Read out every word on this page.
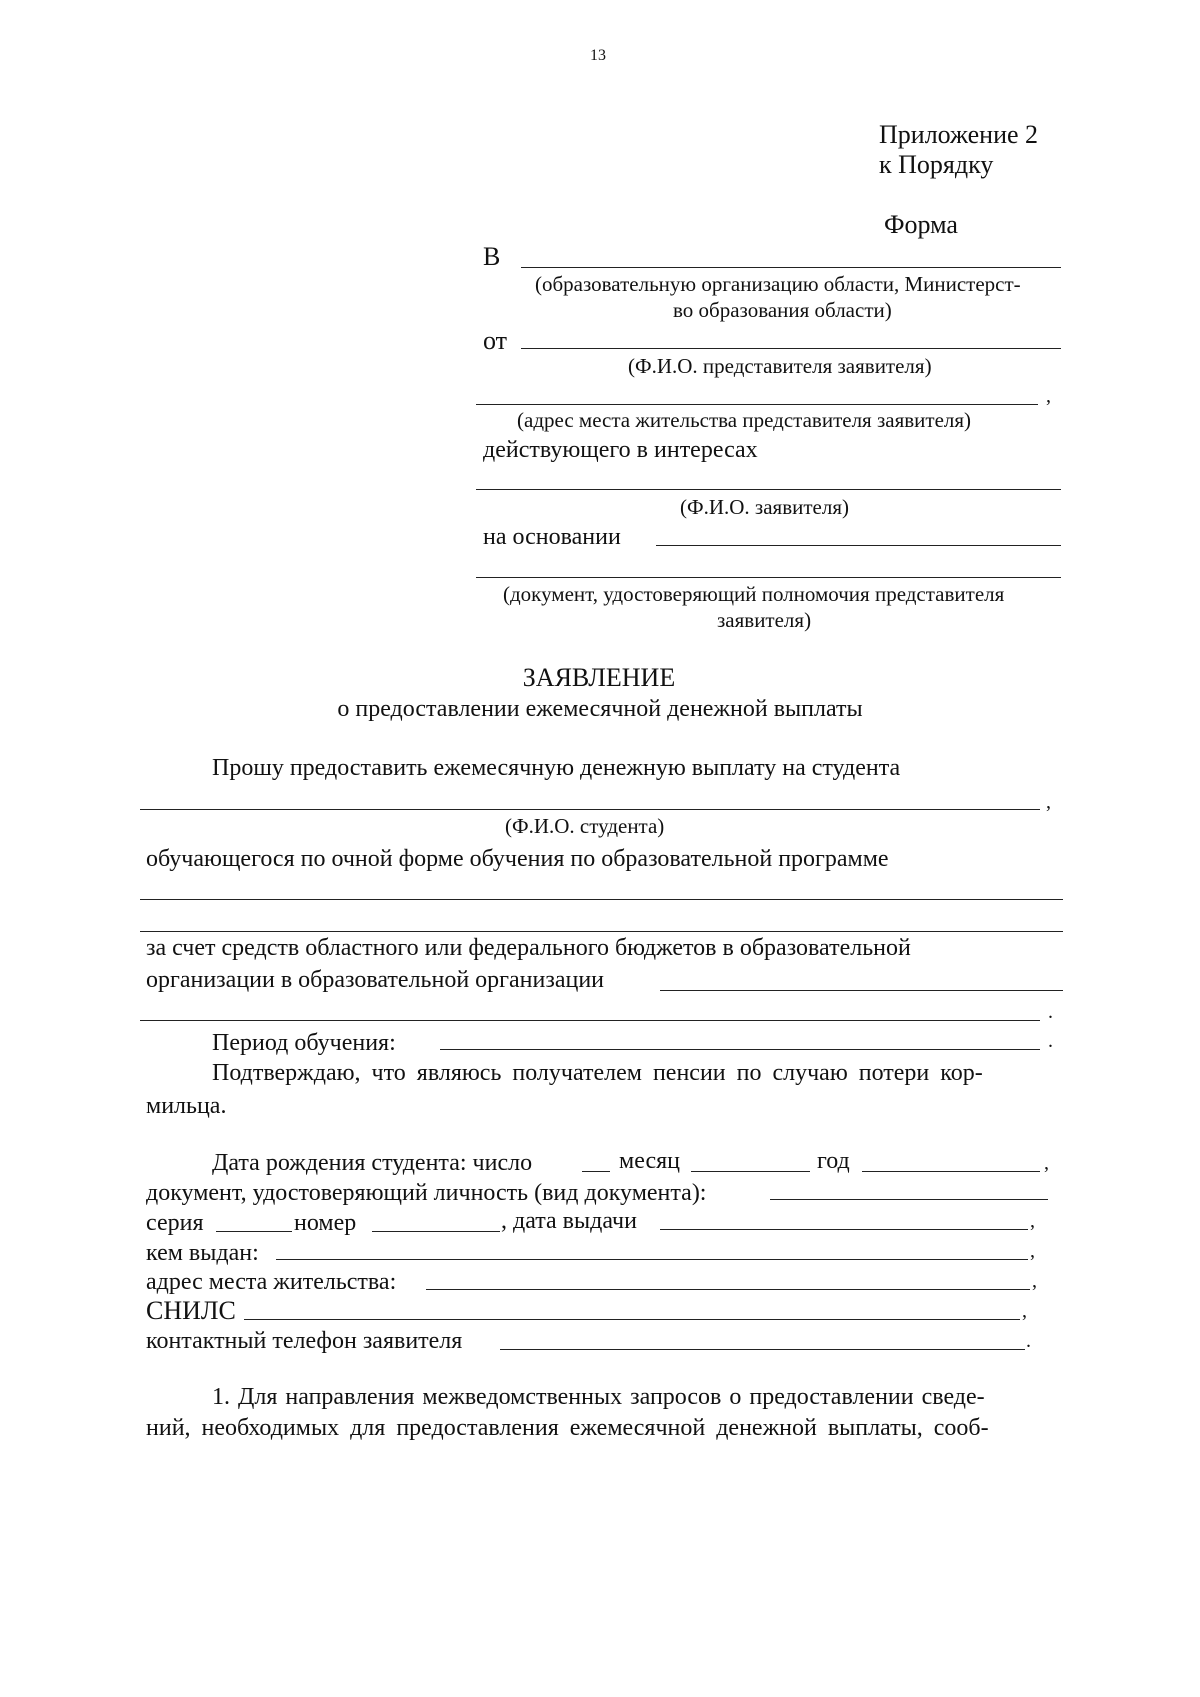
13
Приложение 2
к Порядку
Форма
В
(образовательную организацию области, Министерст-
во образования области)
от
(Ф.И.О. представителя заявителя)
,
(адрес места жительства представителя заявителя)
действующего в интересах
(Ф.И.О. заявителя)
на основании
(документ, удостоверяющий полномочия представителя
заявителя)
ЗАЯВЛЕНИЕ
о предоставлении ежемесячной денежной выплаты
Прошу предоставить ежемесячную денежную выплату на студента
,
(Ф.И.О. студента)
обучающегося по очной форме обучения по образовательной программе
за счет средств областного или федерального бюджетов в образовательной
организации в образовательной организации
.
Период обучения:	.
Подтверждаю, что являюсь получателем пенсии по случаю потери кор-
мильца.
Дата рождения студента: число	месяц	год	,
документ, удостоверяющий личность (вид документа):
серия	номер	, дата выдачи	,
кем выдан:	,
адрес места жительства:	,
СНИЛС	,
контактный телефон заявителя	.
1. Для направления межведомственных запросов о предоставлении сведе-
ний, необходимых для предоставления ежемесячной денежной выплаты, сооб-
